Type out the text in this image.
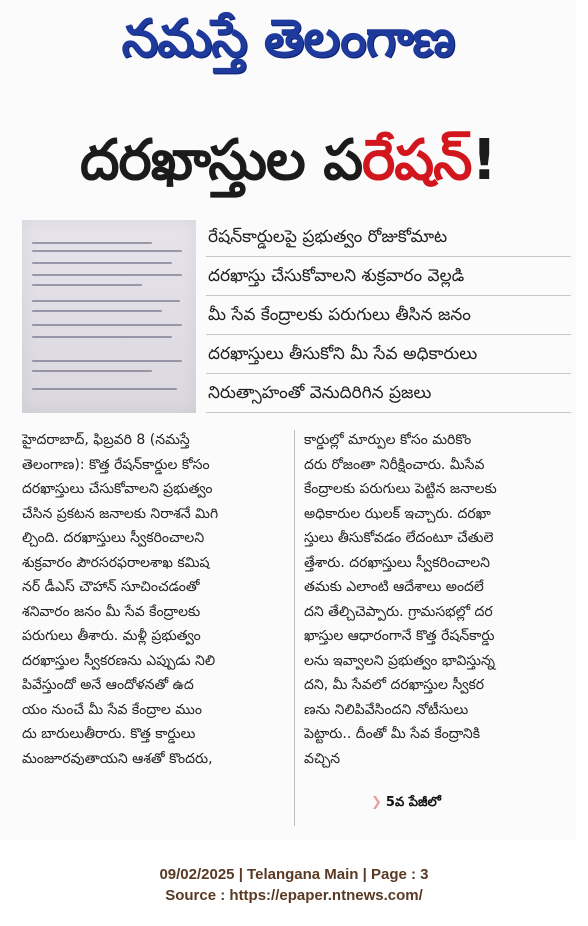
నమస్తే తెలంగాణ
దరఖాస్తుల పరేషన్!
రేషన్‌కార్డులపై ప్రభుత్వం రోజుకోమాట
దరఖాస్తు చేసుకోవాలని శుక్రవారం వెల్లడి
మీ సేవ కేంద్రాలకు పరుగులు తీసిన జనం
దరఖాస్తులు తీసుకోని మీ సేవ అధికారులు
నిరుత్సాహంతో వెనుదిరిగిన ప్రజలు
హైదరాబాద్, ఫిబ్రవరి 8 (నమస్తే
తెలంగాణ): కొత్త రేషన్‌కార్డుల కోసం
దరఖాస్తులు చేసుకోవాలని ప్రభుత్వం
చేసిన ప్రకటన జనాలకు నిరాశనే మిగి
ల్చింది. దరఖాస్తులు స్వీకరించాలని
శుక్రవారం పౌరసరఫరాలశాఖ కమిష
నర్ డీఎస్ చౌహాన్ సూచించడంతో
శనివారం జనం మీ సేవ కేంద్రాలకు
పరుగులు తీశారు. మళ్లీ ప్రభుత్వం
దరఖాస్తుల స్వీకరణను ఎప్పుడు నిలి
పివేస్తుందో అనే ఆందోళనతో ఉద
యం నుంచే మీ సేవ కేంద్రాల ముం
దు బారులుతీరారు. కొత్త కార్డులు
మంజూరవుతాయని ఆశతో కొందరు,
కార్డుల్లో మార్పుల కోసం మరికొం
దరు రోజంతా నిరీక్షించారు. మీసేవ
కేంద్రాలకు పరుగులు పెట్టిన జనాలకు
అధికారుల ఝలక్ ఇచ్చారు. దరఖా
స్తులు తీసుకోవడం లేదంటూ చేతులె
త్తేశారు. దరఖాస్తులు స్వీకరించాలని
తమకు ఎలాంటి ఆదేశాలు అందలే
దని తేల్చిచెప్పారు. గ్రామసభల్లో దర
ఖాస్తుల ఆధారంగానే కొత్త రేషన్‌కార్డు
లను ఇవ్వాలని ప్రభుత్వం భావిస్తున్న
దని, మీ సేవలో దరఖాస్తుల స్వీకర
ణను నిలిపివేసిందని నోటీసులు
పెట్టారు.. దీంతో మీ సేవ కేంద్రానికి
వచ్చిన
❯ 5వ పేజీలో
09/02/2025 | Telangana Main | Page : 3
Source : https://epaper.ntnews.com/
